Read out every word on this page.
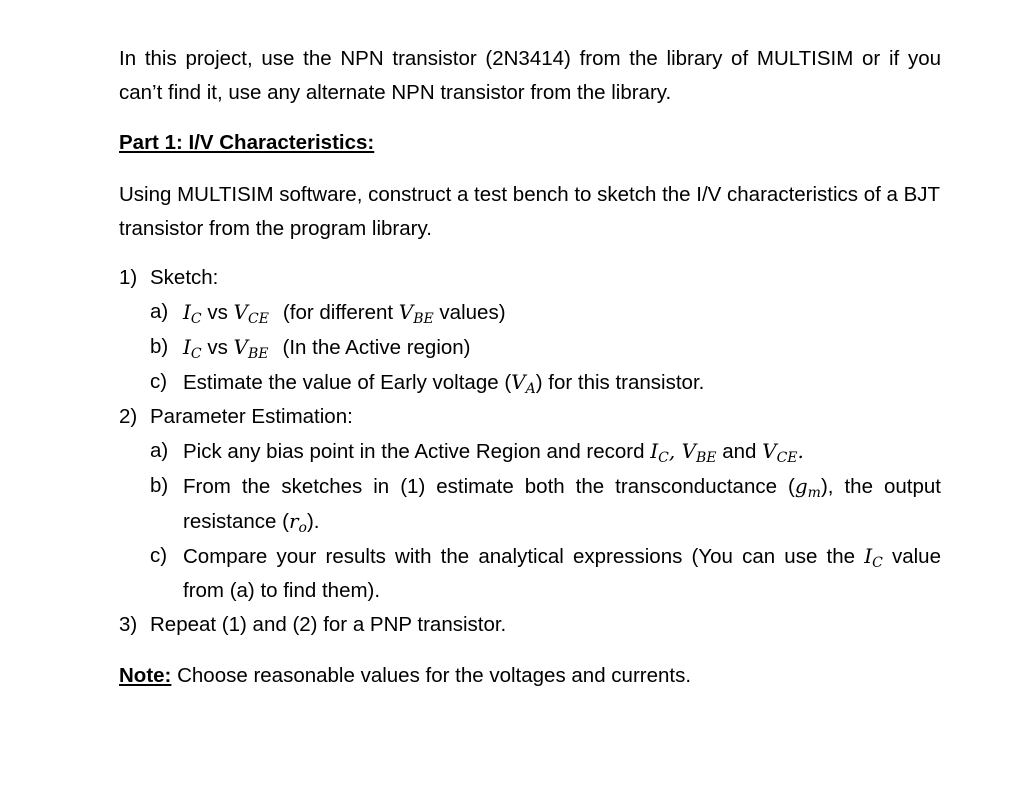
In this project, use the NPN transistor (2N3414) from the library of MULTISIM or if you can’t find it, use any alternate NPN transistor from the library.

Part 1: I/V Characteristics:

Using MULTISIM software, construct a test bench to sketch the I/V characteristics of a BJT transistor from the program library.

1) Sketch:
a) $I_C$ vs $V_{CE}$ (for different $V_{BE}$ values)
b) $I_C$ vs $V_{BE}$ (In the Active region)
c) Estimate the value of Early voltage $(V_A)$ for this transistor.
2) Parameter Estimation:
a) Pick any bias point in the Active Region and record $I_C$, $V_{BE}$ and $V_{CE}$.
b) From the sketches in (1) estimate both the transconductance $(g_m)$, the output resistance $(r_o)$.
c) Compare your results with the analytical expressions (You can use the $I_C$ value from (a) to find them).
3) Repeat (1) and (2) for a PNP transistor.

Note: Choose reasonable values for the voltages and currents.
